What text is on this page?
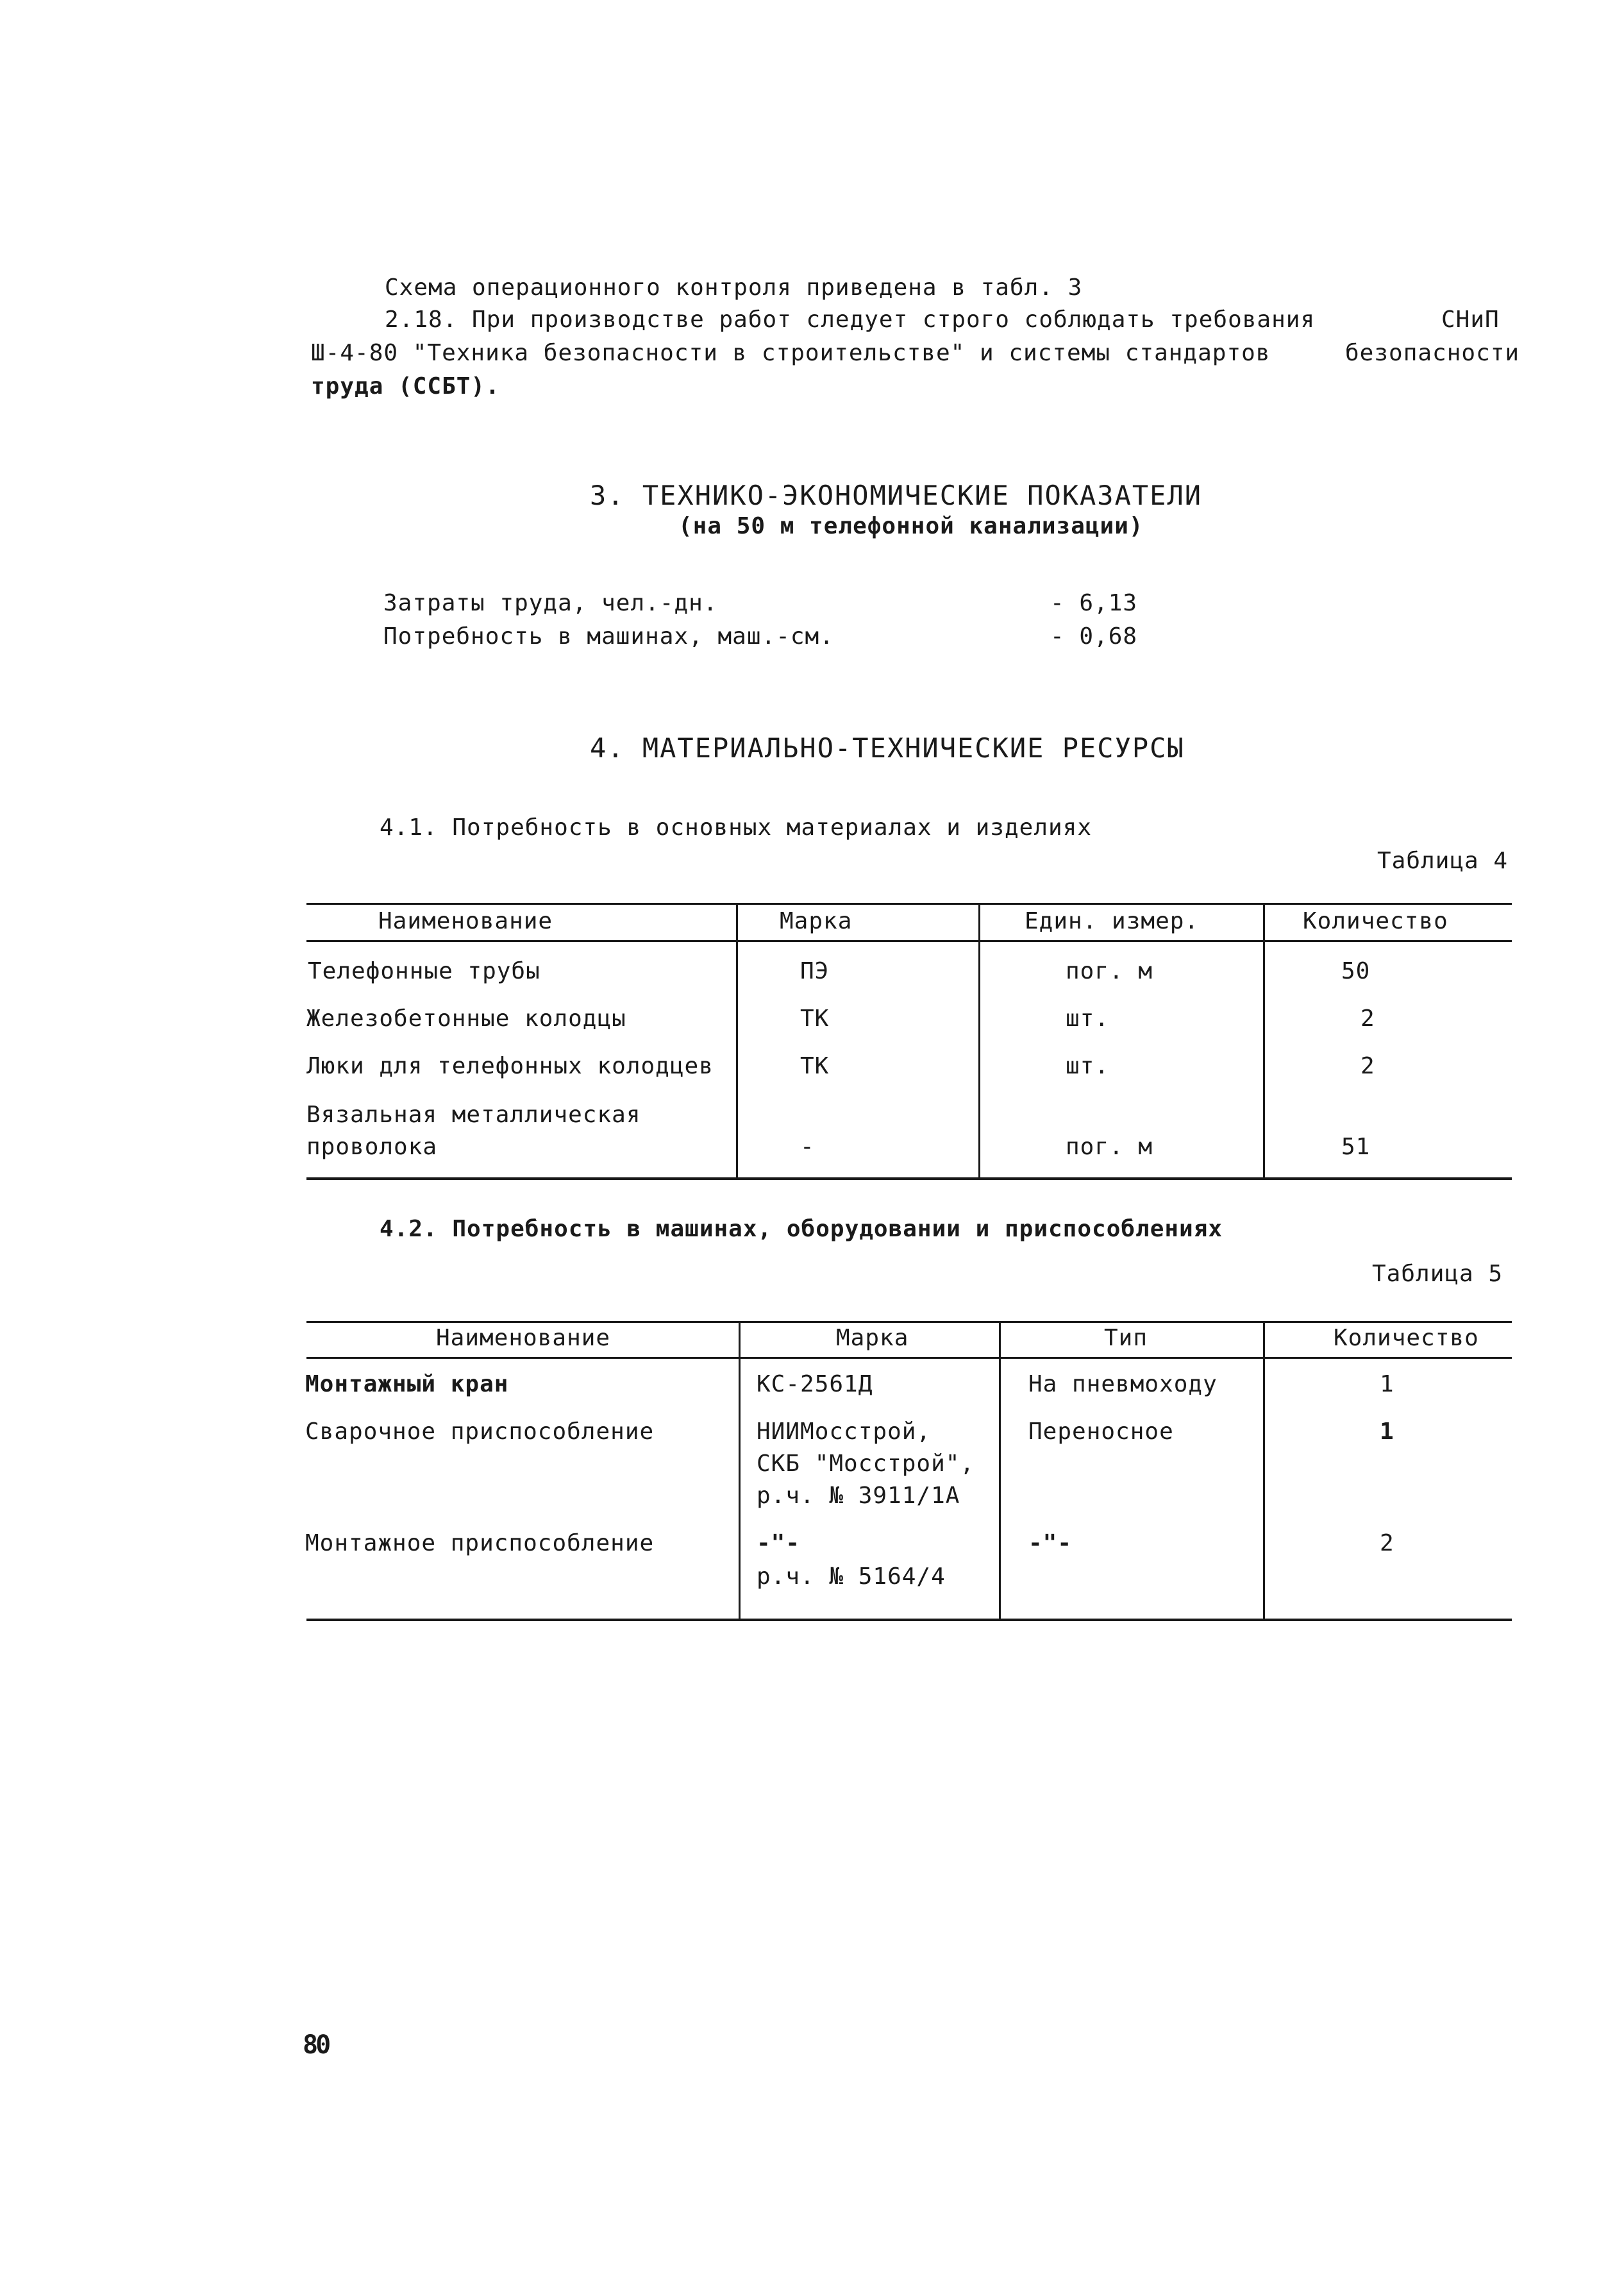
Схема операционного контроля приведена в табл. 3
2.18. При производстве работ следует строго соблюдать требования	СНиП
Ш-4-80 "Техника безопасности в строительстве" и системы стандартов	безопасности
труда (ССБТ).
3. ТЕХНИКО-ЭКОНОМИЧЕСКИЕ ПОКАЗАТЕЛИ
(на 50 м телефонной канализации)
Затраты труда, чел.-дн.	- 6,13
Потребность в машинах, маш.-см.	- 0,68
4. МАТЕРИАЛЬНО-ТЕХНИЧЕСКИЕ РЕСУРСЫ
4.1. Потребность в основных материалах и изделиях
Таблица 4
Наименование	Марка	Един. измер.	Количество
Телефонные трубы	ПЭ	пог. м	50
Железобетонные колодцы	ТК	шт.	2
Люки для телефонных колодцев	ТК	шт.	2
Вязальная металлическая
проволока	-	пог. м	51
4.2. Потребность в машинах, оборудовании и приспособлениях
Таблица 5
Наименование	Марка	Тип	Количество
Монтажный кран	КС-2561Д	На пневмоходу	1
Сварочное приспособление	НИИМосстрой,	Переносное	1
СКБ "Мосстрой",
р.ч. № 3911/1А
Монтажное приспособление	-"-	-"-	2
р.ч. № 5164/4
80
